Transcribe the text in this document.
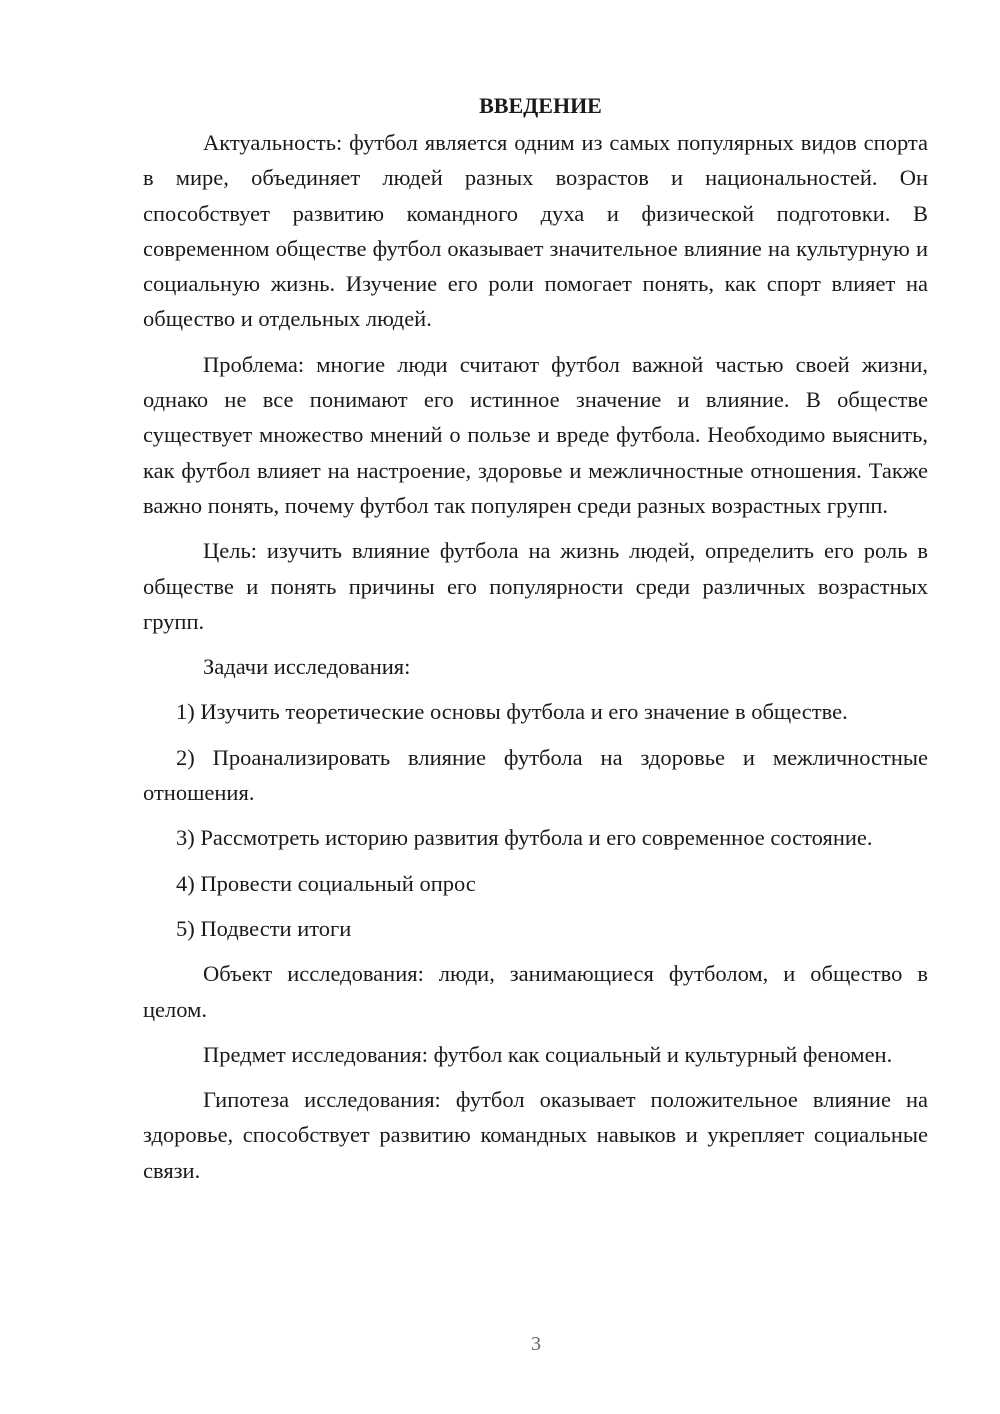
ВВЕДЕНИЕ

Актуальность: футбол является одним из самых популярных видов спорта в мире, объединяет людей разных возрастов и национальностей. Он способствует развитию командного духа и физической подготовки. В современном обществе футбол оказывает значительное влияние на культурную и социальную жизнь. Изучение его роли помогает понять, как спорт влияет на общество и отдельных людей.

Проблема: многие люди считают футбол важной частью своей жизни, однако не все понимают его истинное значение и влияние. В обществе существует множество мнений о пользе и вреде футбола. Необходимо выяснить, как футбол влияет на настроение, здоровье и межличностные отношения. Также важно понять, почему футбол так популярен среди разных возрастных групп.

Цель: изучить влияние футбола на жизнь людей, определить его роль в обществе и понять причины его популярности среди различных возрастных групп.

Задачи исследования:

1) Изучить теоретические основы футбола и его значение в обществе.

2) Проанализировать влияние футбола на здоровье и межличностные отношения.

3) Рассмотреть историю развития футбола и его современное состояние.

4) Провести социальный опрос

5) Подвести итоги

Объект исследования: люди, занимающиеся футболом, и общество в целом.

Предмет исследования: футбол как социальный и культурный феномен.

Гипотеза исследования: футбол оказывает положительное влияние на здоровье, способствует развитию командных навыков и укрепляет социальные связи.

3
